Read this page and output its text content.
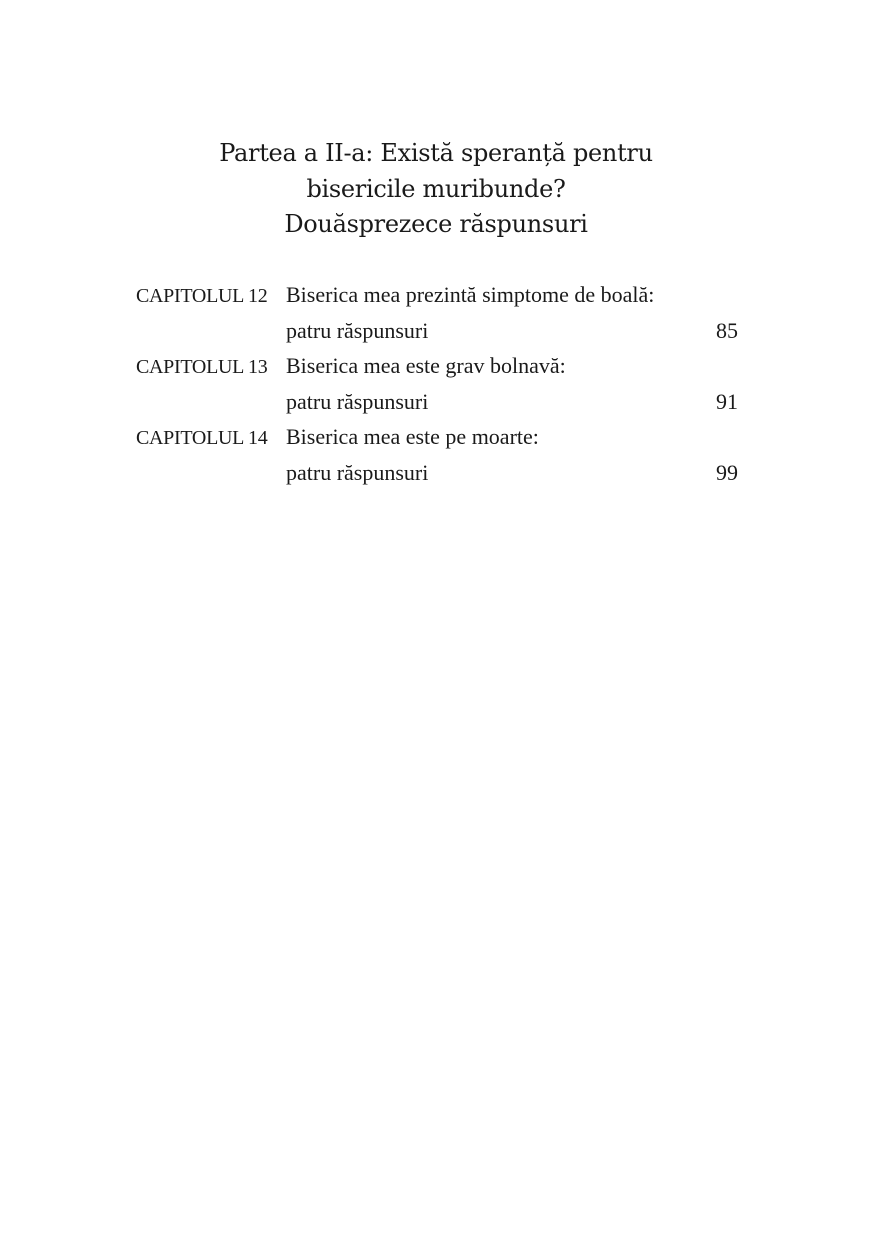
Partea a II-a: Există speranță pentru
bisericile muribunde?
Douăsprezece răspunsuri
CAPITOLUL 12 Biserica mea prezintă simptome de boală:
patru răspunsuri	85
CAPITOLUL 13 Biserica mea este grav bolnavă:
patru răspunsuri	91
CAPITOLUL 14 Biserica mea este pe moarte:
patru răspunsuri	99
